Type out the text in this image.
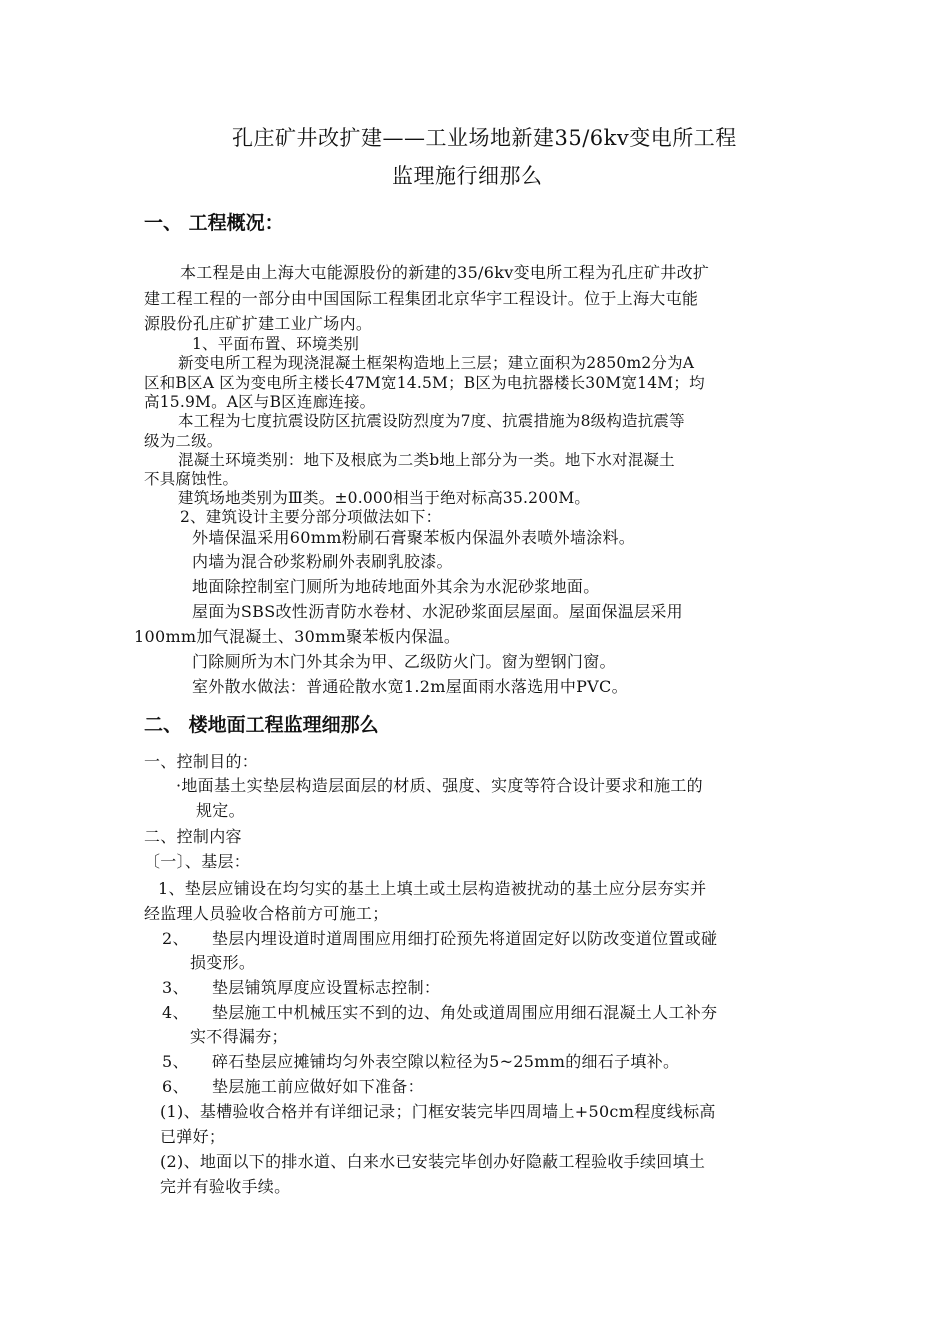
孔庄矿井改扩建——工业场地新建35/6kv变电所工程
监理施行细那么
一、 工程概况：
本工程是由上海大屯能源股份的新建的35/6kv变电所工程为孔庄矿井改扩
建工程工程的一部分由中国国际工程集团北京华宇工程设计。位于上海大屯能
源股份孔庄矿扩建工业广场内。
1、平面布置、环境类别
新变电所工程为现浇混凝土框架构造地上三层；建立面积为2850m2分为A
区和B区A 区为变电所主楼长47M宽14.5M；B区为电抗器楼长30M宽14M；均
高15.9M。A区与B区连廊连接。
本工程为七度抗震设防区抗震设防烈度为7度、抗震措施为8级构造抗震等
级为二级。
混凝土环境类别：地下及根底为二类b地上部分为一类。地下水对混凝土
不具腐蚀性。
建筑场地类别为Ⅲ类。±0.000相当于绝对标高35.200M。
2、建筑设计主要分部分项做法如下：
外墙保温采用60mm粉刷石膏聚苯板内保温外表喷外墙涂料。
内墙为混合砂浆粉刷外表刷乳胶漆。
地面除控制室门厕所为地砖地面外其余为水泥砂浆地面。
屋面为SBS改性沥青防水卷材、水泥砂浆面层屋面。屋面保温层采用
100mm加气混凝土、30mm聚苯板内保温。
门除厕所为木门外其余为甲、乙级防火门。窗为塑钢门窗。
室外散水做法：普通砼散水宽1.2m屋面雨水落选用中PVC。
二、 楼地面工程监理细那么
一、控制目的：
·地面基土实垫层构造层面层的材质、强度、实度等符合设计要求和施工的
规定。
二、控制内容
〔一〕、基层：
1、垫层应铺设在均匀实的基土上填土或土层构造被扰动的基土应分层夯实并
经监理人员验收合格前方可施工；
2、 垫层内埋设道时道周围应用细打砼预先将道固定好以防改变道位置或碰
损变形。
3、 垫层铺筑厚度应设置标志控制：
4、 垫层施工中机械压实不到的边、角处或道周围应用细石混凝土人工补夯
实不得漏夯；
5、 碎石垫层应摊铺均匀外表空隙以粒径为5~25mm的细石子填补。
6、 垫层施工前应做好如下准备：
(1)、基槽验收合格并有详细记录；门框安装完毕四周墙上+50cm程度线标高
已弹好；
(2)、地面以下的排水道、白来水已安装完毕创办好隐蔽工程验收手续回填土
完并有验收手续。
